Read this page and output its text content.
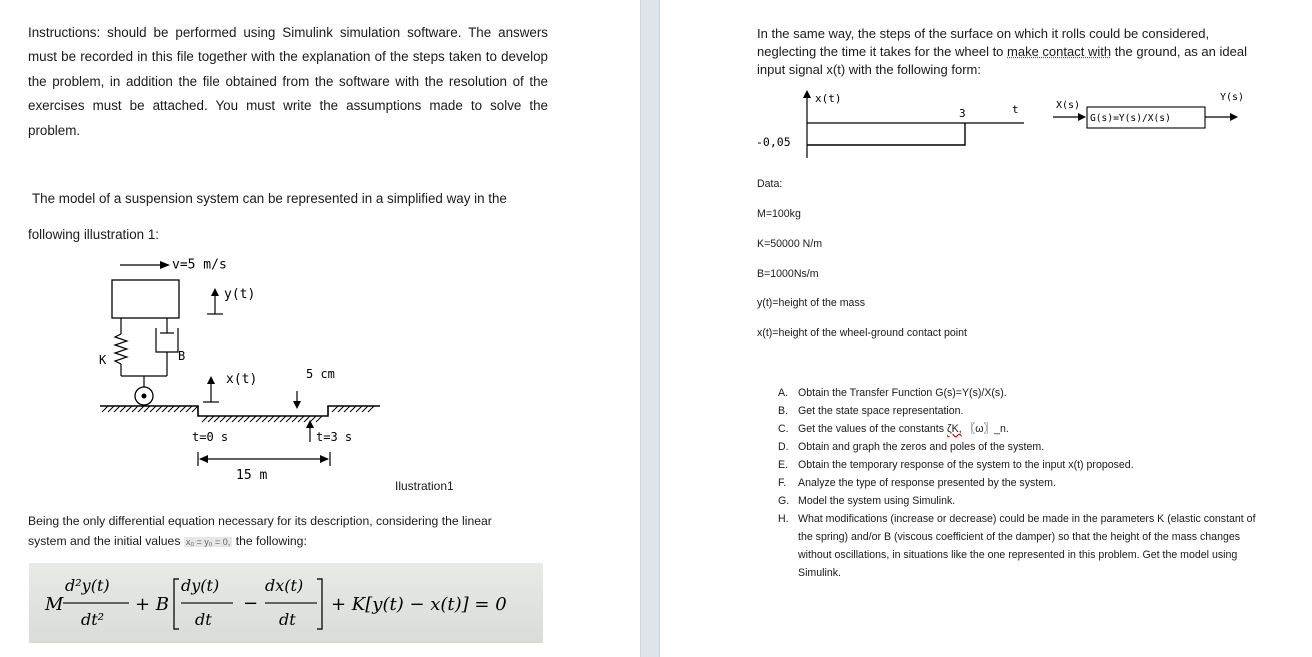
Instructions: should be performed using Simulink simulation software. The answers must be recorded in this file together with the explanation of the steps taken to develop the problem, in addition the file obtained from the software with the resolution of the exercises must be attached. You must write the assumptions made to solve the problem.

The model of a suspension system can be represented in a simplified way in the
following illustration 1:
v=5 m/s
y(t)
K	B
x(t)	5 cm
t=0 s	t=3 s
15 m
Ilustration1
Being the only differential equation necessary for its description, considering the linear
system and the initial values x₀ = y₀ = 0, the following:
M
d²y(t)
dt²
+ B
dy(t)
dt
−
dx(t)
dt
+ K[y(t) − x(t)] = 0

In the same way, the steps of the surface on which it rolls could be considered, neglecting the time it takes for the wheel to make contact with the ground, as an ideal input signal x(t) with the following form:

x(t)
t
3
-0,05
X(s)
G(s)=Y(s)/X(s)
Y(s)
Data:
M=100kg
K=50000 N/m
B=1000Ns/m
y(t)=height of the mass
x(t)=height of the wheel-ground contact point
A. Obtain the Transfer Function G(s)=Y(s)/X(s).
B. Get the state space representation.
C. Get the values of the constants ζK, 〖ω〗_n.
D. Obtain and graph the zeros and poles of the system.
E. Obtain the temporary response of the system to the input x(t) proposed.
F. Analyze the type of response presented by the system.
G. Model the system using Simulink.
H. What modifications (increase or decrease) could be made in the parameters K (elastic constant of the spring) and/or B (viscous coefficient of the damper) so that the height of the mass changes without oscillations, in situations like the one represented in this problem. Get the model using Simulink.
